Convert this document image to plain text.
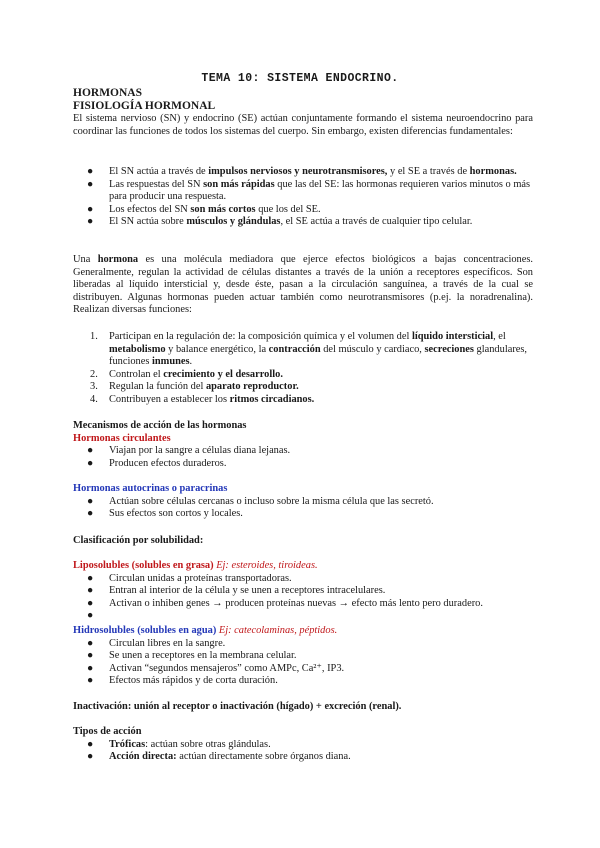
TEMA 10: SISTEMA ENDOCRINO.
HORMONAS
FISIOLOGÍA HORMONAL
El sistema nervioso (SN) y endocrino (SE) actúan conjuntamente formando el sistema neuroendocrino para coordinar las funciones de todos los sistemas del cuerpo. Sin embargo, existen diferencias fundamentales:
● El SN actúa a través de impulsos nerviosos y neurotransmisores, y el SE a través de hormonas.
● Las respuestas del SN son más rápidas que las del SE: las hormonas requieren varios minutos o más para producir una respuesta.
● Los efectos del SN son más cortos que los del SE.
● El SN actúa sobre músculos y glándulas, el SE actúa a través de cualquier tipo celular.
Una hormona es una molécula mediadora que ejerce efectos biológicos a bajas concentraciones. Generalmente, regulan la actividad de células distantes a través de la unión a receptores específicos. Son liberadas al líquido intersticial y, desde éste, pasan a la circulación sanguínea, a través de la cual se distribuyen. Algunas hormonas pueden actuar también como neurotransmisores (p.ej. la noradrenalina). Realizan diversas funciones:
1. Participan en la regulación de: la composición química y el volumen del líquido intersticial, el metabolismo y balance energético, la contracción del músculo y cardiaco, secreciones glandulares, funciones inmunes.
2. Controlan el crecimiento y el desarrollo.
3. Regulan la función del aparato reproductor.
4. Contribuyen a establecer los ritmos circadianos.
Mecanismos de acción de las hormonas
Hormonas circulantes
● Viajan por la sangre a células diana lejanas.
● Producen efectos duraderos.
Hormonas autocrinas o paracrinas
● Actúan sobre células cercanas o incluso sobre la misma célula que las secretó.
● Sus efectos son cortos y locales.
Clasificación por solubilidad:
Liposolubles (solubles en grasa) Ej: esteroides, tiroideas.
● Circulan unidas a proteínas transportadoras.
● Entran al interior de la célula y se unen a receptores intracelulares.
● Activan o inhiben genes → producen proteínas nuevas → efecto más lento pero duradero.
●
Hidrosolubles (solubles en agua) Ej: catecolaminas, péptidos.
● Circulan libres en la sangre.
● Se unen a receptores en la membrana celular.
● Activan “segundos mensajeros” como AMPc, Ca²⁺, IP3.
● Efectos más rápidos y de corta duración.
Inactivación: unión al receptor o inactivación (hígado) + excreción (renal).
Tipos de acción
● Tróficas: actúan sobre otras glándulas.
● Acción directa: actúan directamente sobre órganos diana.
